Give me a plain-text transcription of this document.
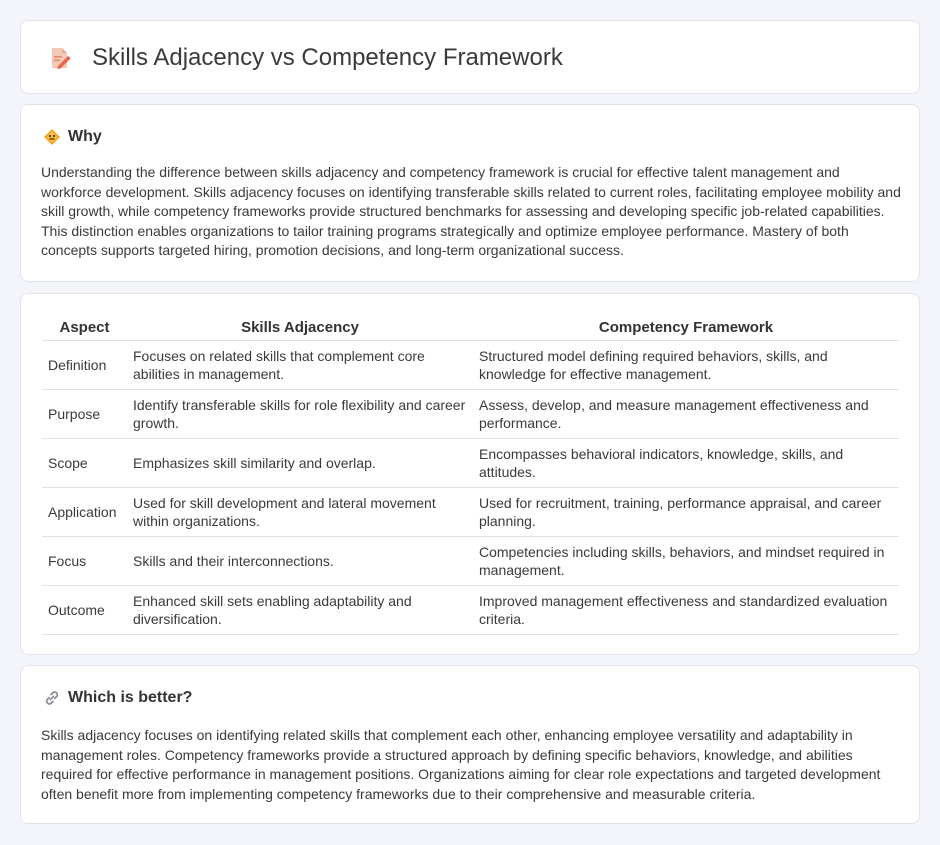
Skills Adjacency vs Competency Framework
Why

Understanding the difference between skills adjacency and competency framework is crucial for effective talent management and workforce development. Skills adjacency focuses on identifying transferable skills related to current roles, facilitating employee mobility and skill growth, while competency frameworks provide structured benchmarks for assessing and developing specific job-related capabilities. This distinction enables organizations to tailor training programs strategically and optimize employee performance. Mastery of both concepts supports targeted hiring, promotion decisions, and long-term organizational success.

Aspect	Skills Adjacency	Competency Framework
Definition	Focuses on related skills that complement core abilities in management.	Structured model defining required behaviors, skills, and knowledge for effective management.
Purpose	Identify transferable skills for role flexibility and career growth.	Assess, develop, and measure management effectiveness and performance.
Scope	Emphasizes skill similarity and overlap.	Encompasses behavioral indicators, knowledge, skills, and attitudes.
Application	Used for skill development and lateral movement within organizations.	Used for recruitment, training, performance appraisal, and career planning.
Focus	Skills and their interconnections.	Competencies including skills, behaviors, and mindset required in management.
Outcome	Enhanced skill sets enabling adaptability and diversification.	Improved management effectiveness and standardized evaluation criteria.
Which is better?

Skills adjacency focuses on identifying related skills that complement each other, enhancing employee versatility and adaptability in management roles. Competency frameworks provide a structured approach by defining specific behaviors, knowledge, and abilities required for effective performance in management positions. Organizations aiming for clear role expectations and targeted development often benefit more from implementing competency frameworks due to their comprehensive and measurable criteria.
